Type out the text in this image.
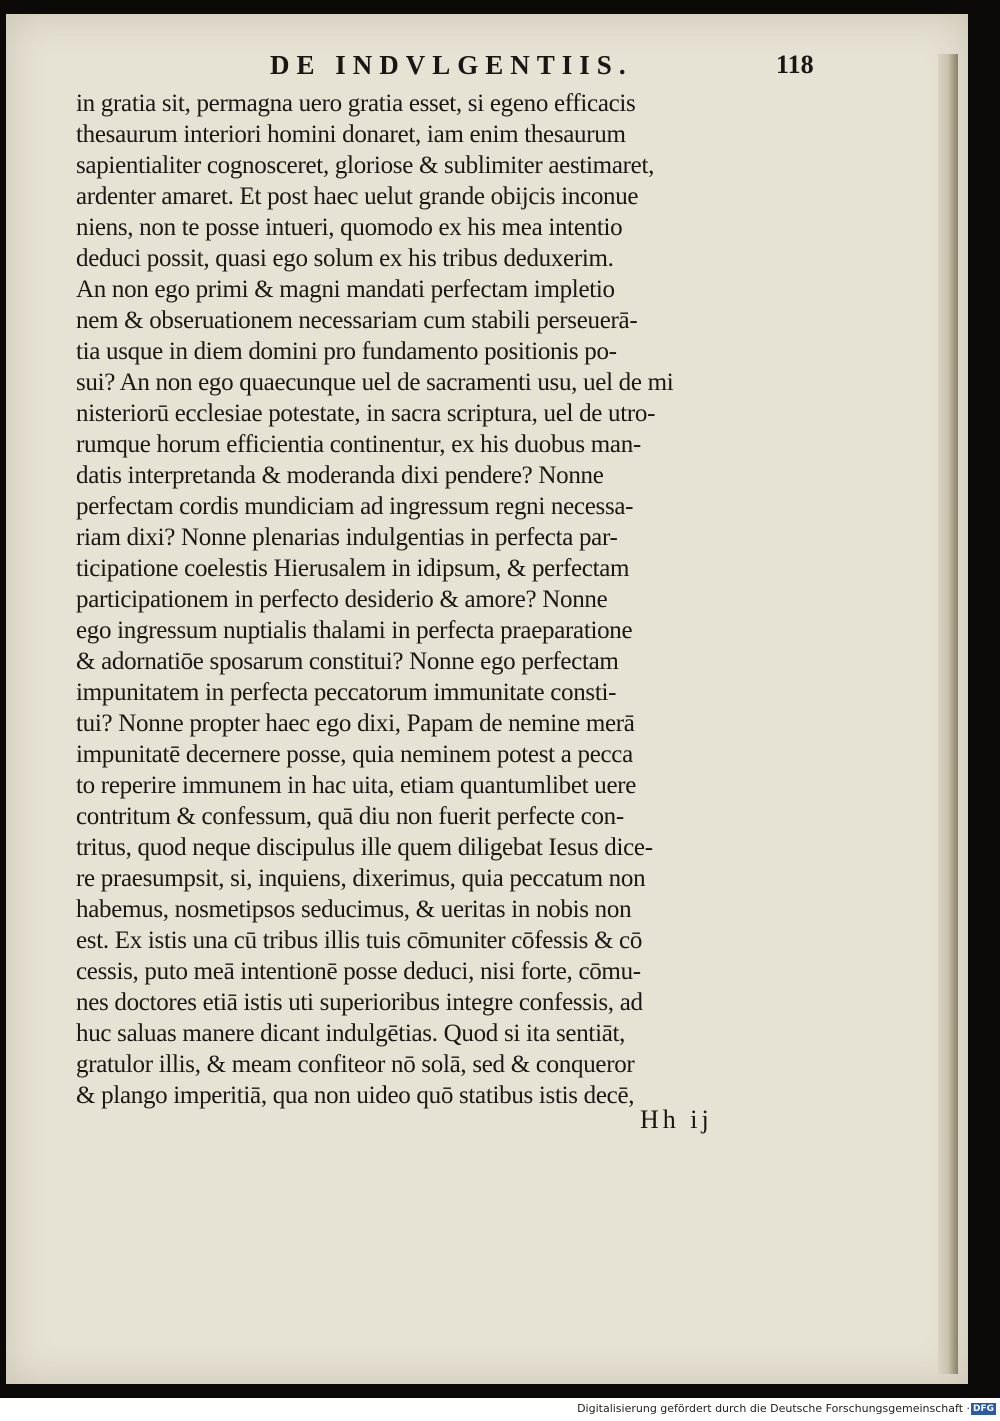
DE INDVLGENTIIS.	118
in gratia sit, permagna uero gratia esset, si egeno efficacis
thesaurum interiori homini donaret, iam enim thesaurum
sapientialiter cognosceret, gloriose & sublimiter aestimaret,
ardenter amaret. Et post haec uelut grande obijcis inconue
niens, non te posse intueri, quomodo ex his mea intentio
deduci possit, quasi ego solum ex his tribus deduxerim.
An non ego primi & magni mandati perfectam impletio
nem & obseruationem necessariam cum stabili perseuerā-
tia usque in diem domini pro fundamento positionis po-
sui? An non ego quaecunque uel de sacramenti usu, uel de mi
nisteriorū ecclesiae potestate, in sacra scriptura, uel de utro-
rumque horum efficientia continentur, ex his duobus man-
datis interpretanda & moderanda dixi pendere? Nonne
perfectam cordis mundiciam ad ingressum regni necessa-
riam dixi? Nonne plenarias indulgentias in perfecta par-
ticipatione coelestis Hierusalem in idipsum, & perfectam
participationem in perfecto desiderio & amore? Nonne
ego ingressum nuptialis thalami in perfecta praeparatione
& adornatiōe sposarum constitui? Nonne ego perfectam
impunitatem in perfecta peccatorum immunitate consti-
tui? Nonne propter haec ego dixi, Papam de nemine merā
impunitatē decernere posse, quia neminem potest a pecca
to reperire immunem in hac uita, etiam quantumlibet uere
contritum & confessum, quā diu non fuerit perfecte con-
tritus, quod neque discipulus ille quem diligebat Iesus dice-
re praesumpsit, si, inquiens, dixerimus, quia peccatum non
habemus, nosmetipsos seducimus, & ueritas in nobis non
est. Ex istis una cū tribus illis tuis cōmuniter cōfessis & cō
cessis, puto meā intentionē posse deduci, nisi forte, cōmu-
nes doctores etiā istis uti superioribus integre confessis, ad
huc saluas manere dicant indulgētias. Quod si ita sentiāt,
gratulor illis, & meam confiteor nō solā, sed & conqueror
& plango imperitiā, qua non uideo quō statibus istis decē,
Hh ij
Digitalisierung gefördert durch die Deutsche Forschungsgemeinschaft · DFG
